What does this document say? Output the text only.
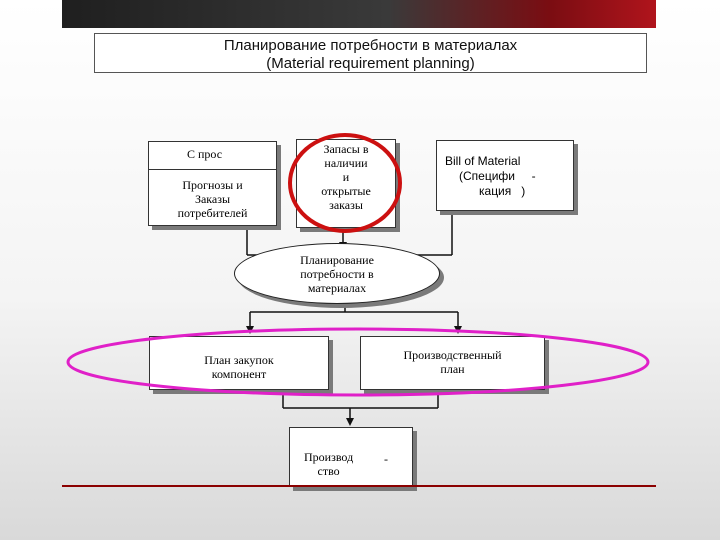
Планирование потребности в материалах
(Material requirement planning)
С прос
Прогнозы и
Заказы
потребителей
Запасы в
наличии
и
открытые
заказы
Bill of Material
(Специфи     -
кация   )
Планирование
потребности в
материалах
План закупок
компонент
Производственный
план
Производ
ство
-
